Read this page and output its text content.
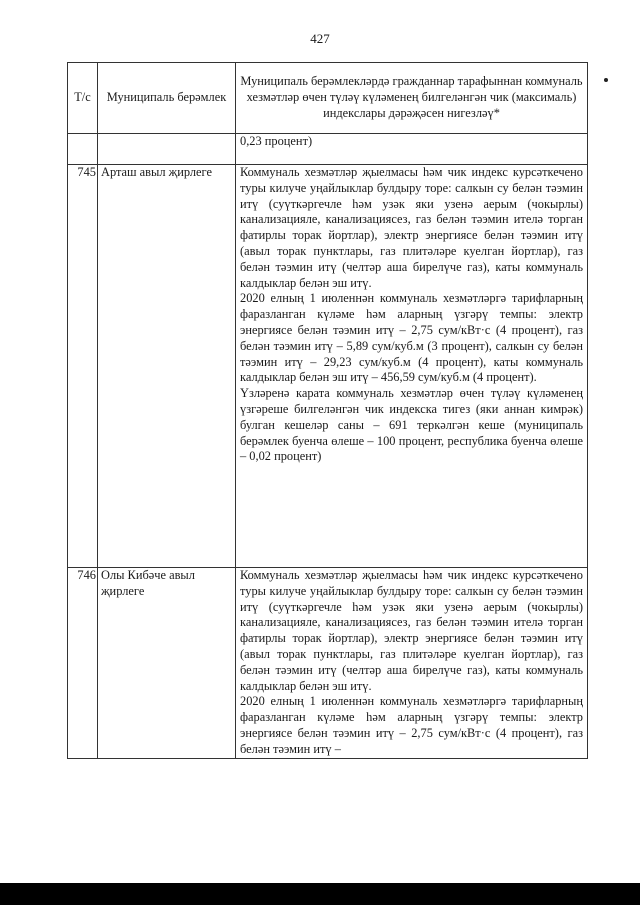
427
Т/с	Муниципаль берәмлек	Муниципаль берәмлекләрдә гражданнар тарафыннан коммуналь хезмәтләр өчен түләү күләменең билгеләнгән чик (максималь) индекслары дәрәҗәсен нигезләү*

		0,23 процент)

745	Арташ авыл җирлеге	Коммуналь хезмәтләр җыелмасы һәм чик индекс курсәткечено туры килуче уңайлыклар булдыру торе: салкын су белән тәэмин итү (суүткәргечле һәм узәк яки узенә аерым (чокырлы) канализацияле, канализациясез, газ белән тәэмин ителә торган фатирлы торак йортлар), электр энергиясе белән тәэмин итү (авыл торак пунктлары, газ плитәләре куелган йортлар), газ белән тәэмин итү (челтәр аша бирелүче газ), каты коммуналь калдыклар белән эш итү.

2020 елның 1 июленнән коммуналь хезмәтләргә тарифларның фаразланган күләме һәм аларның үзгәрү темпы: электр энергиясе белән тәэмин итү – 2,75 сум/кВт·с (4 процент), газ белән тәэмин итү – 5,89 сум/куб.м (3 процент), салкын су белән тәэмин итү – 29,23 сум/куб.м (4 процент), каты коммуналь калдыклар белән эш итү – 456,59 сум/куб.м (4 процент).

Үзләренә карата коммуналь хезмәтләр өчен түләү күләменең үзгәреше билгеләнгән чик индекска тигез (яки аннан кимрәк) булган кешеләр саны – 691 теркәлгән кеше (муниципаль берәмлек буенча өлеше – 100 процент, республика буенча өлеше – 0,02 процент)

746	Олы Кибәче авыл җирлеге	Коммуналь хезмәтләр җыелмасы һәм чик индекс курсәткечено туры килуче уңайлыклар булдыру торе: салкын су белән тәэмин итү (суүткәргечле һәм узәк яки узенә аерым (чокырлы) канализацияле, канализациясез, газ белән тәэмин ителә торган фатирлы торак йортлар), электр энергиясе белән тәэмин итү (авыл торак пунктлары, газ плитәләре куелган йортлар), газ белән тәэмин итү (челтәр аша бирелүче газ), каты коммуналь калдыклар белән эш итү.

2020 елның 1 июленнән коммуналь хезмәтләргә тарифларның фаразланган күләме һәм аларның үзгәрү темпы: электр энергиясе белән тәэмин итү – 2,75 сум/кВт·с (4 процент), газ белән тәэмин итү –
